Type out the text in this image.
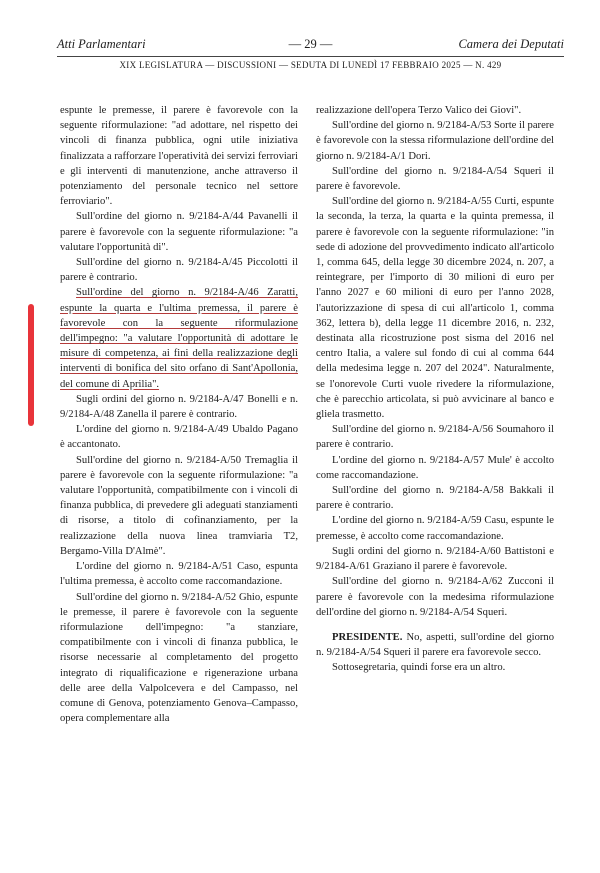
Atti Parlamentari	— 29 —	Camera dei Deputati
XIX LEGISLATURA — DISCUSSIONI — SEDUTA DI LUNEDÌ 17 FEBBRAIO 2025 — N. 429

espunte le premesse, il parere è favorevole con la seguente riformulazione: "ad adottare, nel rispetto dei vincoli di finanza pubblica, ogni utile iniziativa finalizzata a rafforzare l'operatività dei servizi ferroviari e gli interventi di manutenzione, anche attraverso il potenziamento del personale tecnico nel settore ferroviario".

Sull'ordine del giorno n. 9/2184-A/44 Pavanelli il parere è favorevole con la seguente riformulazione: "a valutare l'opportunità di".

Sull'ordine del giorno n. 9/2184-A/45 Piccolotti il parere è contrario.

Sull'ordine del giorno n. 9/2184-A/46 Zaratti, espunte la quarta e l'ultima premessa, il parere è favorevole con la seguente riformulazione dell'impegno: "a valutare l'opportunità di adottare le misure di competenza, ai fini della realizzazione degli interventi di bonifica del sito orfano di Sant'Apollonia, del comune di Aprilia".

Sugli ordini del giorno n. 9/2184-A/47 Bonelli e n. 9/2184-A/48 Zanella il parere è contrario.

L'ordine del giorno n. 9/2184-A/49 Ubaldo Pagano è accantonato.

Sull'ordine del giorno n. 9/2184-A/50 Tremaglia il parere è favorevole con la seguente riformulazione: "a valutare l'opportunità, compatibilmente con i vincoli di finanza pubblica, di prevedere gli adeguati stanziamenti di risorse, a titolo di cofinanziamento, per la realizzazione della nuova linea tramviaria T2, Bergamo-Villa D'Almè".

L'ordine del giorno n. 9/2184-A/51 Caso, espunta l'ultima premessa, è accolto come raccomandazione.

Sull'ordine del giorno n. 9/2184-A/52 Ghio, espunte le premesse, il parere è favorevole con la seguente riformulazione dell'impegno: "a stanziare, compatibilmente con i vincoli di finanza pubblica, le risorse necessarie al completamento del progetto integrato di riqualificazione e rigenerazione urbana delle aree della Valpolcevera e del Campasso, nel comune di Genova, potenziamento Genova–Campasso, opera complementare alla

realizzazione dell'opera Terzo Valico dei Giovi".

Sull'ordine del giorno n. 9/2184-A/53 Sorte il parere è favorevole con la stessa riformulazione dell'ordine del giorno n. 9/2184-A/1 Dori.

Sull'ordine del giorno n. 9/2184-A/54 Squeri il parere è favorevole.

Sull'ordine del giorno n. 9/2184-A/55 Curti, espunte la seconda, la terza, la quarta e la quinta premessa, il parere è favorevole con la seguente riformulazione: "in sede di adozione del provvedimento indicato all'articolo 1, comma 645, della legge 30 dicembre 2024, n. 207, a reintegrare, per l'importo di 30 milioni di euro per l'anno 2027 e 60 milioni di euro per l'anno 2028, l'autorizzazione di spesa di cui all'articolo 1, comma 362, lettera b), della legge 11 dicembre 2016, n. 232, destinata alla ricostruzione post sisma del 2016 nel centro Italia, a valere sul fondo di cui al comma 644 della medesima legge n. 207 del 2024". Naturalmente, se l'onorevole Curti vuole rivedere la riformulazione, che è parecchio articolata, si può avvicinare al banco e gliela trasmetto.

Sull'ordine del giorno n. 9/2184-A/56 Soumahoro il parere è contrario.

L'ordine del giorno n. 9/2184-A/57 Mule' è accolto come raccomandazione.

Sull'ordine del giorno n. 9/2184-A/58 Bakkali il parere è contrario.

L'ordine del giorno n. 9/2184-A/59 Casu, espunte le premesse, è accolto come raccomandazione.

Sugli ordini del giorno n. 9/2184-A/60 Battistoni e 9/2184-A/61 Graziano il parere è favorevole.

Sull'ordine del giorno n. 9/2184-A/62 Zucconi il parere è favorevole con la medesima riformulazione dell'ordine del giorno n. 9/2184-A/54 Squeri.

PRESIDENTE. No, aspetti, sull'ordine del giorno n. 9/2184-A/54 Squeri il parere era favorevole secco.

Sottosegretaria, quindi forse era un altro.
